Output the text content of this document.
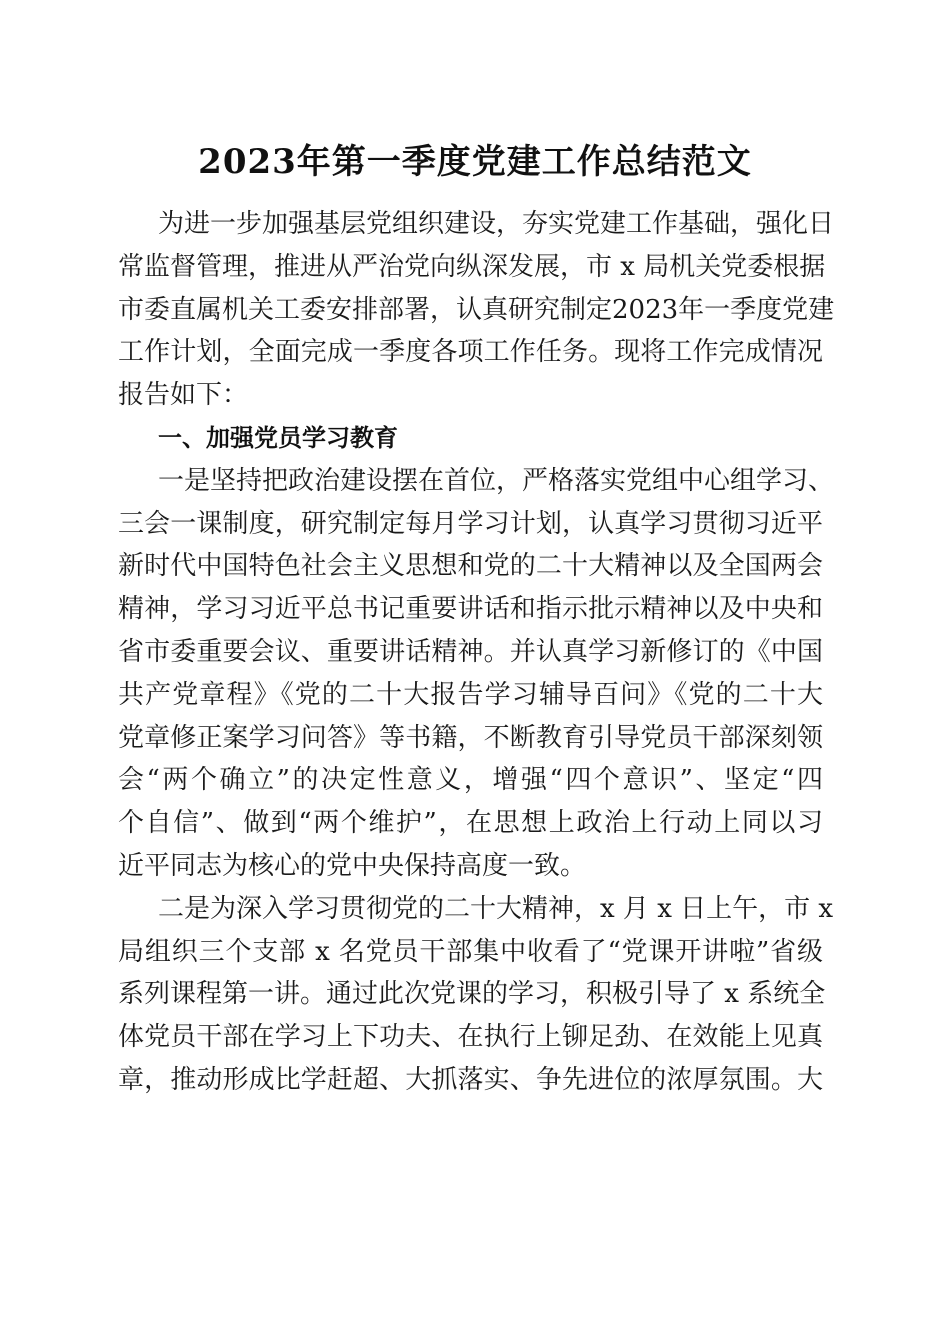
2023年第一季度党建工作总结范文
为进一步加强基层党组织建设，夯实党建工作基础，强化日
常监督管理，推进从严治党向纵深发展，市 x 局机关党委根据
市委直属机关工委安排部署，认真研究制定2023年一季度党建
工作计划，全面完成一季度各项工作任务。现将工作完成情况
报告如下：
一、加强党员学习教育
一是坚持把政治建设摆在首位，严格落实党组中心组学习、
三会一课制度，研究制定每月学习计划，认真学习贯彻习近平
新时代中国特色社会主义思想和党的二十大精神以及全国两会
精神，学习习近平总书记重要讲话和指示批示精神以及中央和
省市委重要会议、重要讲话精神。并认真学习新修订的《中国
共产党章程》《党的二十大报告学习辅导百问》《党的二十大
党章修正案学习问答》等书籍，不断教育引导党员干部深刻领
会“两个确立”的决定性意义，增强“四个意识”、坚定“四
个自信”、做到“两个维护”，在思想上政治上行动上同以习
近平同志为核心的党中央保持高度一致。
二是为深入学习贯彻党的二十大精神，x 月 x 日上午，市 x
局组织三个支部 x 名党员干部集中收看了“党课开讲啦”省级
系列课程第一讲。通过此次党课的学习，积极引导了 x 系统全
体党员干部在学习上下功夫、在执行上铆足劲、在效能上见真
章，推动形成比学赶超、大抓落实、争先进位的浓厚氛围。大
